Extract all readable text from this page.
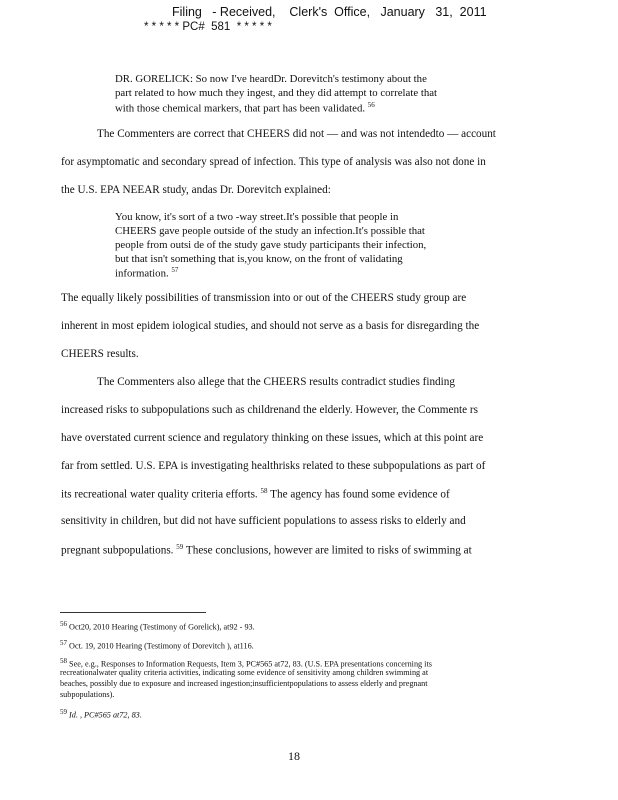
Filing   - Received,    Clerk's  Office,   January   31,  2011
* * * * * PC#  581  * * * * *
DR. GORELICK: So now I've heardDr. Dorevitch's testimony about the
part related to how much they ingest, and they did attempt to correlate that
with those chemical markers, that part has been validated. $^{56}$
The Commenters are correct that CHEERS did not — and was not intendedto — account
for asymptomatic and secondary spread of infection. This type of analysis was also not done in
the U.S. EPA NEEAR study, andas Dr. Dorevitch explained:
You know, it's sort of a two -way street.It's possible that people in
CHEERS gave people outside of the study an infection.It's possible that
people from outsi de of the study gave study participants their infection,
but that isn't something that is,you know, on the front of validating
information. $^{57}$
The equally likely possibilities of transmission into or out of the CHEERS study group are
inherent in most epidem iological studies, and should not serve as a basis for disregarding the
CHEERS results.
The Commenters also allege that the CHEERS results contradict studies finding
increased risks to subpopulations such as childrenand the elderly. However, the Commente rs
have overstated current science and regulatory thinking on these issues, which at this point are
far from settled. U.S. EPA is investigating healthrisks related to these subpopulations as part of
its recreational water quality criteria efforts. $^{58}$ The agency has found some evidence of
sensitivity in children, but did not have sufficient populations to assess risks to elderly and
pregnant subpopulations. $^{59}$ These conclusions, however are limited to risks of swimming at
56 Oct20, 2010 Hearing (Testimony of Gorelick), at92 - 93.
57 Oct. 19, 2010 Hearing (Testimony of Dorevitch ), at116.
58 See, e.g., Responses to Information Requests, Item 3, PC#565 at72, 83. (U.S. EPA presentations concerning its
recreationalwater quality criteria activities, indicating some evidence of sensitivity among children swimming at
beaches, possibly due to exposure and increased ingestion;insufficientpopulations to assess elderly and pregnant
subpopulations).
59 Id. , PC#565 at72, 83.
18
